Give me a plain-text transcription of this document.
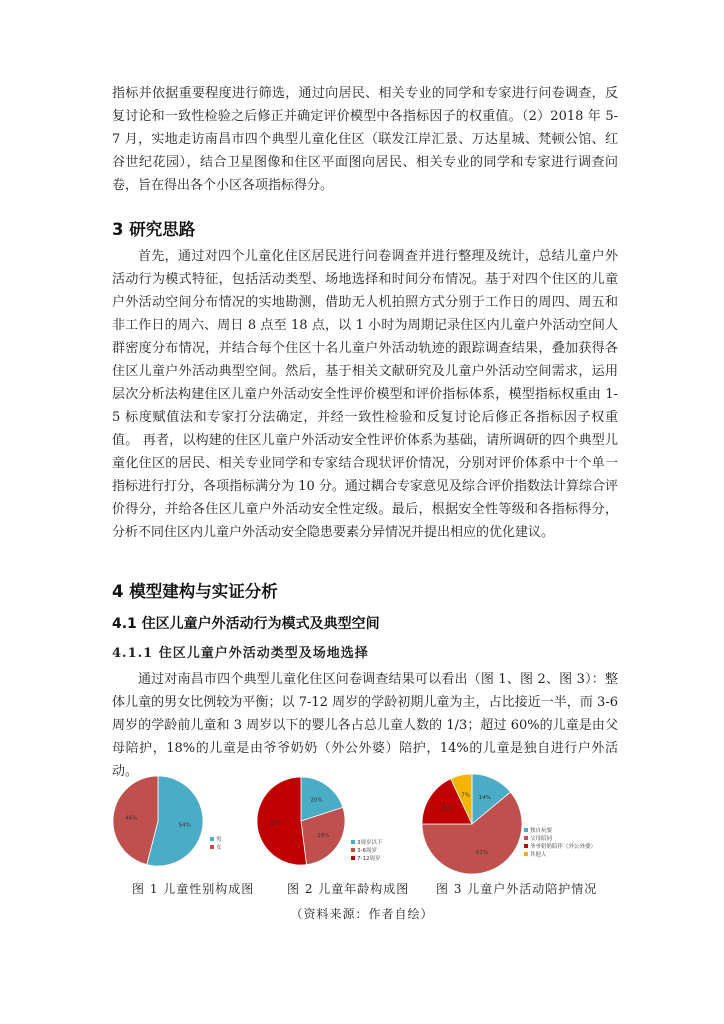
指标并依据重要程度进行筛选，通过向居民、相关专业的同学和专家进行问卷调查，反复讨论和一致性检验之后修正并确定评价模型中各指标因子的权重值。（2）2018 年 5-7 月，实地走访南昌市四个典型儿童化住区（联发江岸汇景、万达星城、梵顿公馆、红谷世纪花园），结合卫星图像和住区平面图向居民、相关专业的同学和专家进行调查问卷，旨在得出各个小区各项指标得分。

3 研究思路

首先，通过对四个儿童化住区居民进行问卷调查并进行整理及统计，总结儿童户外活动行为模式特征，包括活动类型、场地选择和时间分布情况。基于对四个住区的儿童户外活动空间分布情况的实地勘测，借助无人机拍照方式分别于工作日的周四、周五和非工作日的周六、周日 8 点至 18 点，以 1 小时为周期记录住区内儿童户外活动空间人群密度分布情况，并结合每个住区十名儿童户外活动轨迹的跟踪调查结果，叠加获得各住区儿童户外活动典型空间。然后，基于相关文献研究及儿童户外活动空间需求，运用层次分析法构建住区儿童户外活动安全性评价模型和评价指标体系，模型指标权重由 1-5 标度赋值法和专家打分法确定，并经一致性检验和反复讨论后修正各指标因子权重值。 再者，以构建的住区儿童户外活动安全性评价体系为基础，请所调研的四个典型儿童化住区的居民、相关专业同学和专家结合现状评价情况，分别对评价体系中十个单一指标进行打分，各项指标满分为 10 分。通过耦合专家意见及综合评价指数法计算综合评价得分，并给各住区儿童户外活动安全性定级。最后，根据安全性等级和各指标得分，分析不同住区内儿童户外活动安全隐患要素分异情况并提出相应的优化建议。

4 模型建构与实证分析
4.1 住区儿童户外活动行为模式及典型空间
4.1.1 住区儿童户外活动类型及场地选择

通过对南昌市四个典型儿童化住区问卷调查结果可以看出（图 1、图 2、图 3）：整体儿童的男女比例较为平衡；以 7-12 周岁的学龄初期儿童为主，占比接近一半，而 3-6 周岁的学龄前儿童和 3 周岁以下的婴儿各占总儿童人数的 1/3；超过 60%的儿童是由父母陪护，18%的儿童是由爷爷奶奶（外公外婆）陪护，14%的儿童是独自进行户外活动。

54%
46%
男
女
20%
28%
52%
3周岁以下
3-6周岁
7-12周岁
14%
61%
18%
7%
独自玩耍
父母陪同
爷爷奶奶陪伴（外公外婆）
其他人
图 1 儿童性别构成图	图 2 儿童年龄构成图 图 3 儿童户外活动陪护情况
（资料来源：作者自绘）
